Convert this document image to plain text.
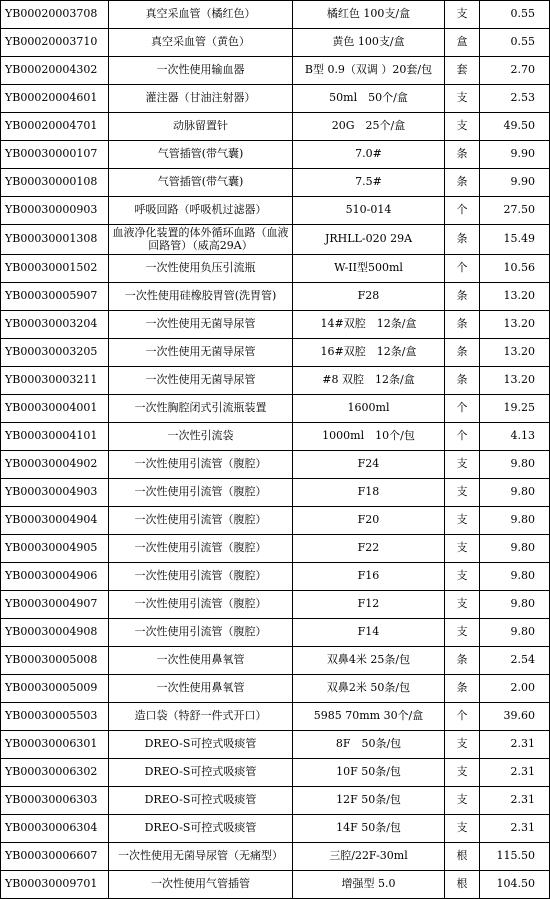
YB00020003708	真空采血管（橘红色）	橘红色 100支/盒	支	0.55
YB00020003710	真空采血管（黄色）	黄色 100支/盒	盒	0.55
YB00020004302	一次性使用输血器	B型 0.9（双调 ）20套/包	套	2.70
YB00020004601	灌注器（甘油注射器）	50ml　50个/盒	支	2.53
YB00020004701	动脉留置针	20G　25个/盒	支	49.50
YB00030000107	气管插管(带气囊)	7.0#	条	9.90
YB00030000108	气管插管(带气囊)	7.5#	条	9.90
YB00030000903	呼吸回路（呼吸机过滤器）	510-014	个	27.50
YB00030001308	血液净化装置的体外循环血路（血液回路管）（威高29A）	JRHLL-020 29A	条	15.49
YB00030001502	一次性使用负压引流瓶	W-II型500ml	个	10.56
YB00030005907	一次性使用硅橡胶胃管(洗胃管)	F28	条	13.20
YB00030003204	一次性使用无菌导尿管	14#双腔　12条/盒	条	13.20
YB00030003205	一次性使用无菌导尿管	16#双腔　12条/盒	条	13.20
YB00030003211	一次性使用无菌导尿管	#8 双腔　12条/盒	条	13.20
YB00030004001	一次性胸腔闭式引流瓶装置	1600ml	个	19.25
YB00030004101	一次性引流袋	1000ml　10个/包	个	4.13
YB00030004902	一次性使用引流管（腹腔）	F24	支	9.80
YB00030004903	一次性使用引流管（腹腔）	F18	支	9.80
YB00030004904	一次性使用引流管（腹腔）	F20	支	9.80
YB00030004905	一次性使用引流管（腹腔）	F22	支	9.80
YB00030004906	一次性使用引流管（腹腔）	F16	支	9.80
YB00030004907	一次性使用引流管（腹腔）	F12	支	9.80
YB00030004908	一次性使用引流管（腹腔）	F14	支	9.80
YB00030005008	一次性使用鼻氧管	双鼻4米 25条/包	条	2.54
YB00030005009	一次性使用鼻氧管	双鼻2米 50条/包	条	2.00
YB00030005503	造口袋（特舒一件式开口）	5985 70mm 30个/盒	个	39.60
YB00030006301	DREO-S可控式吸痰管	8F　50条/包	支	2.31
YB00030006302	DREO-S可控式吸痰管	10F 50条/包	支	2.31
YB00030006303	DREO-S可控式吸痰管	12F 50条/包	支	2.31
YB00030006304	DREO-S可控式吸痰管	14F 50条/包	支	2.31
YB00030006607	一次性使用无菌导尿管（无痛型）	三腔/22F-30ml	根	115.50
YB00030009701	一次性使用气管插管	增强型 5.0	根	104.50
